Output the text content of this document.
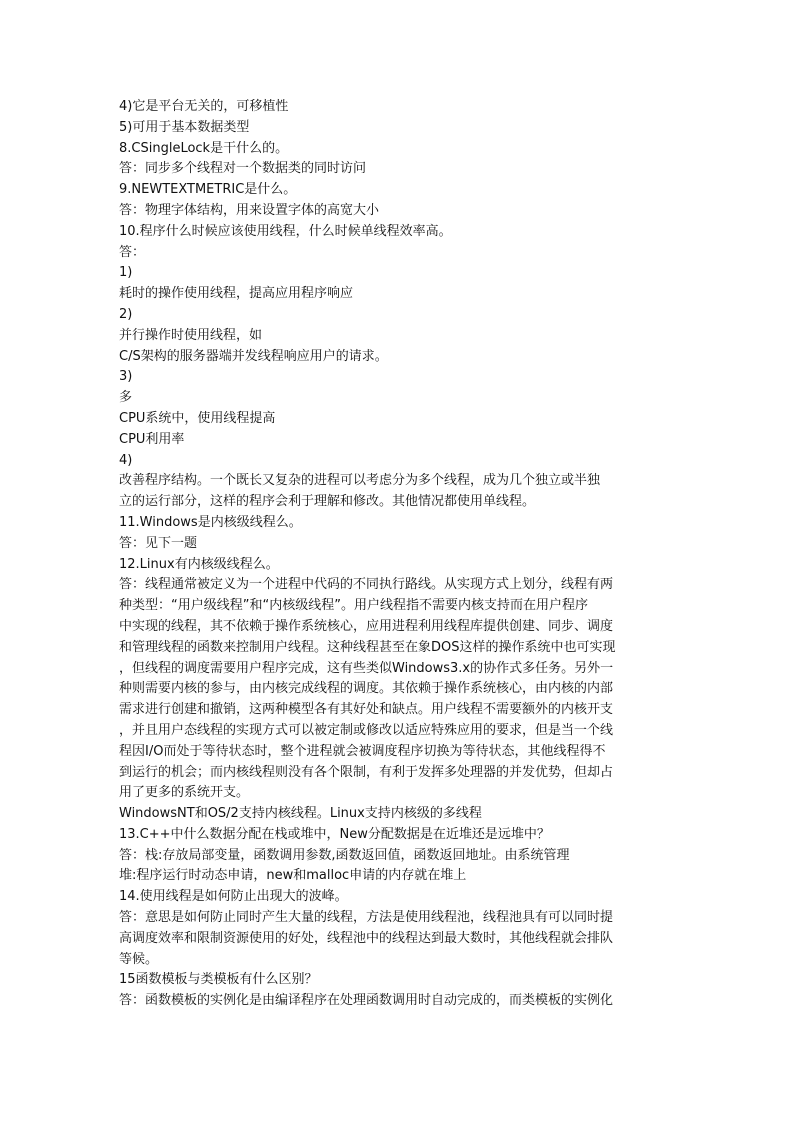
4)它是平台无关的，可移植性
5)可用于基本数据类型
8.CSingleLock是干什么的。
答：同步多个线程对一个数据类的同时访问
9.NEWTEXTMETRIC是什么。
答：物理字体结构，用来设置字体的高宽大小
10.程序什么时候应该使用线程，什么时候单线程效率高。
答：
1)
耗时的操作使用线程，提高应用程序响应
2)
并行操作时使用线程，如
C/S架构的服务器端并发线程响应用户的请求。
3)
多
CPU系统中，使用线程提高
CPU利用率
4)
改善程序结构。一个既长又复杂的进程可以考虑分为多个线程，成为几个独立或半独
立的运行部分，这样的程序会利于理解和修改。其他情况都使用单线程。
11.Windows是内核级线程么。
答：见下一题
12.Linux有内核级线程么。
答：线程通常被定义为一个进程中代码的不同执行路线。从实现方式上划分，线程有两
种类型：“用户级线程”和“内核级线程”。用户线程指不需要内核支持而在用户程序
中实现的线程，其不依赖于操作系统核心，应用进程利用线程库提供创建、同步、调度
和管理线程的函数来控制用户线程。这种线程甚至在象DOS这样的操作系统中也可实现
，但线程的调度需要用户程序完成，这有些类似Windows3.x的协作式多任务。另外一
种则需要内核的参与，由内核完成线程的调度。其依赖于操作系统核心，由内核的内部
需求进行创建和撤销，这两种模型各有其好处和缺点。用户线程不需要额外的内核开支
，并且用户态线程的实现方式可以被定制或修改以适应特殊应用的要求，但是当一个线
程因I/O而处于等待状态时，整个进程就会被调度程序切换为等待状态，其他线程得不
到运行的机会；而内核线程则没有各个限制，有利于发挥多处理器的并发优势，但却占
用了更多的系统开支。
WindowsNT和OS/2支持内核线程。Linux支持内核级的多线程
13.C++中什么数据分配在栈或堆中，New分配数据是在近堆还是远堆中？
答：栈:存放局部变量，函数调用参数,函数返回值，函数返回地址。由系统管理
堆:程序运行时动态申请，new和malloc申请的内存就在堆上
14.使用线程是如何防止出现大的波峰。
答：意思是如何防止同时产生大量的线程，方法是使用线程池，线程池具有可以同时提
高调度效率和限制资源使用的好处，线程池中的线程达到最大数时，其他线程就会排队
等候。
15函数模板与类模板有什么区别？
答：函数模板的实例化是由编译程序在处理函数调用时自动完成的，而类模板的实例化
